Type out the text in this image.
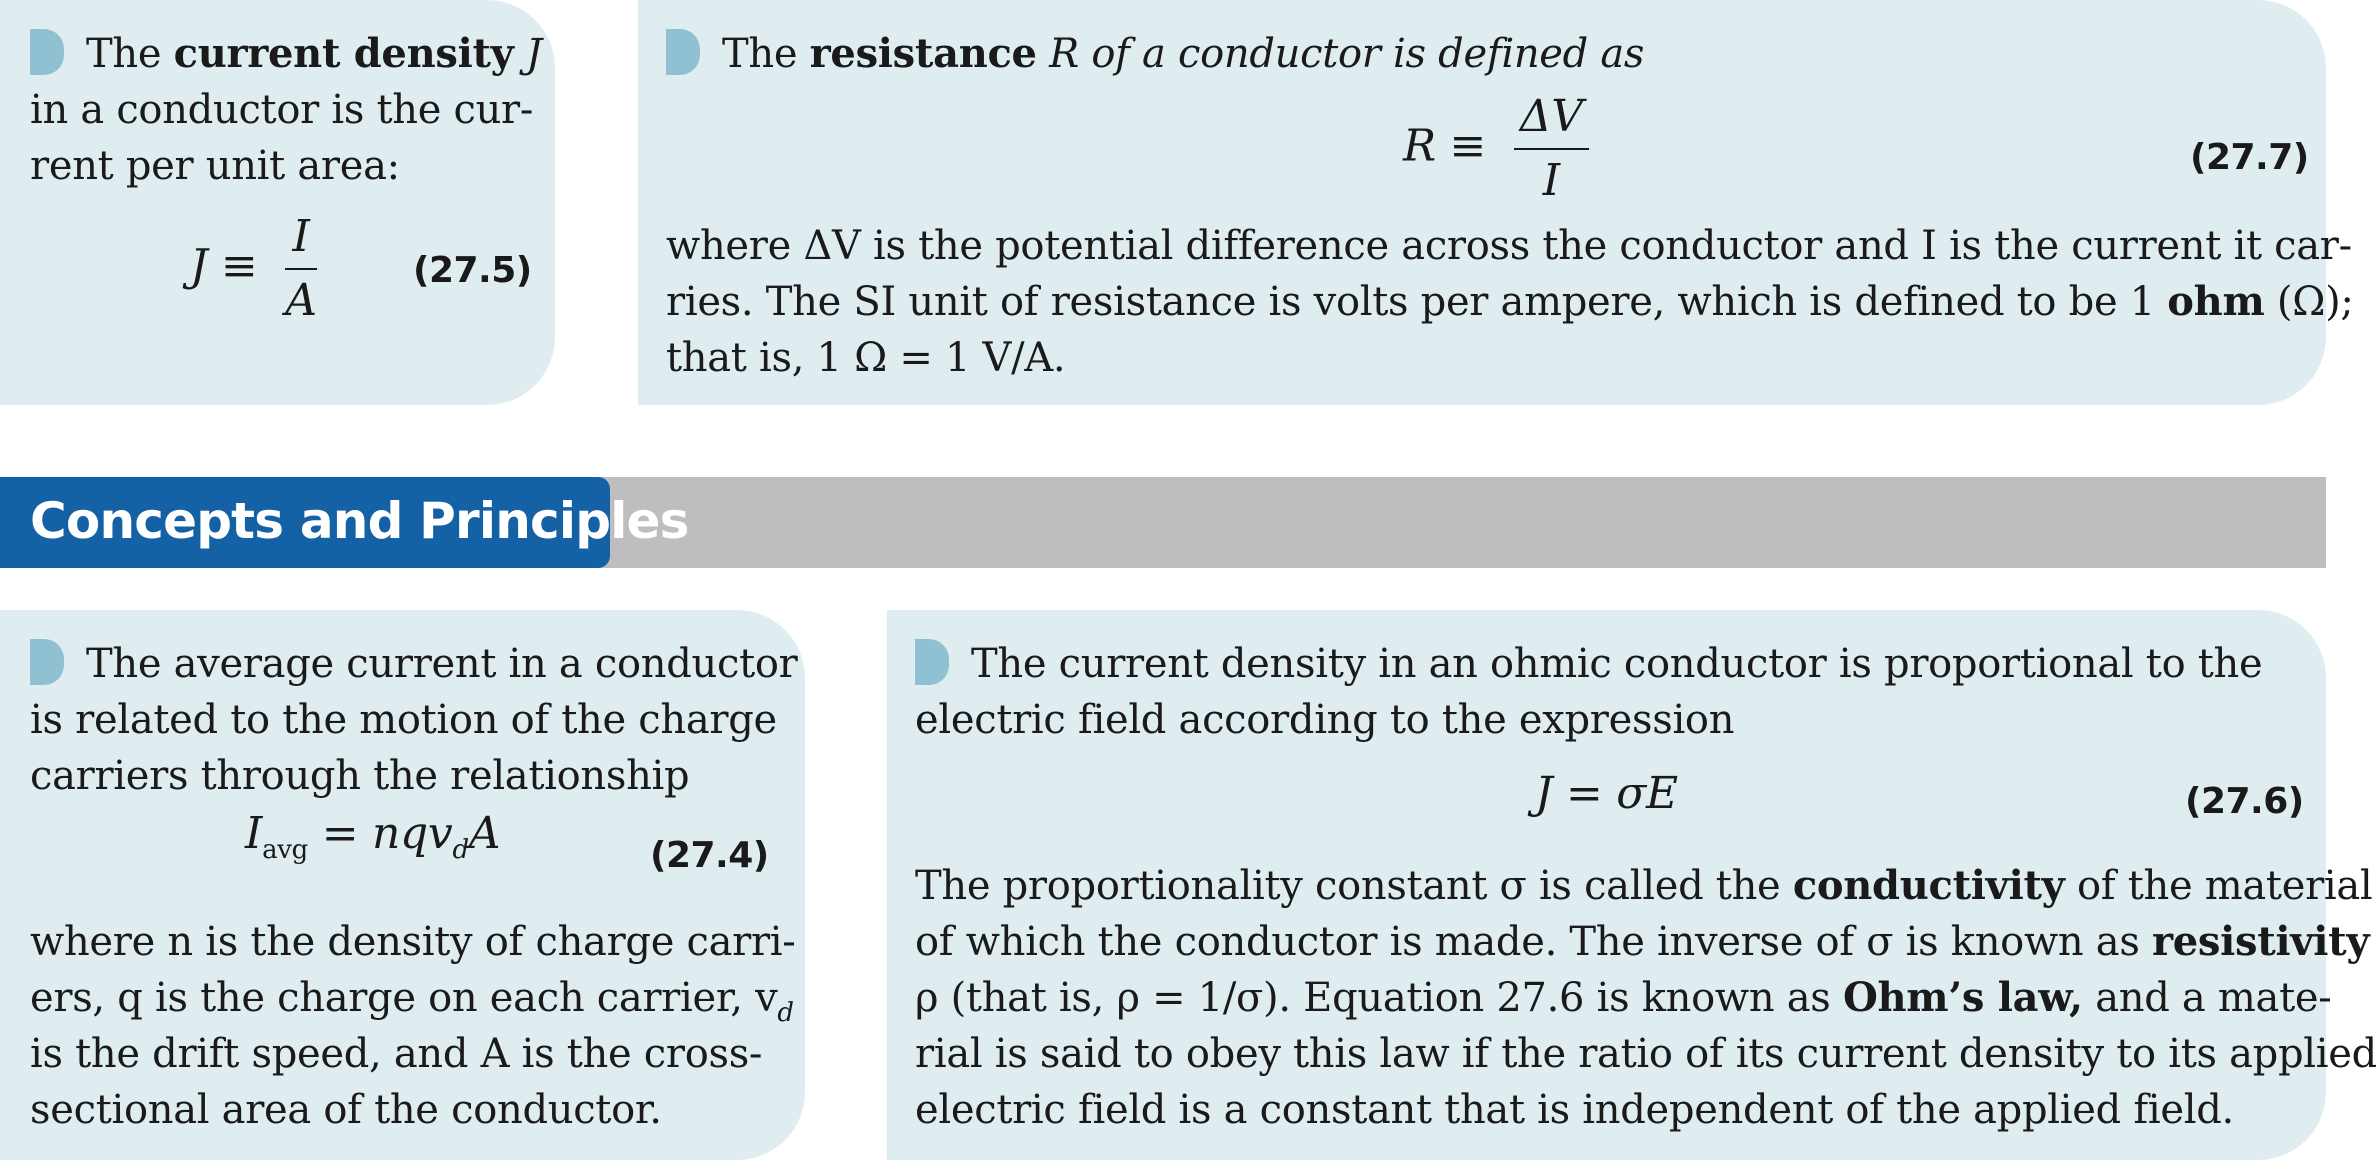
The current density J
in a conductor is the cur-
rent per unit area:
$J \equiv \frac{I}{A}$	(27.5)
The resistance R of a conductor is defined as
$R \equiv \frac{\Delta V}{I}$	(27.7)
where ΔV is the potential difference across the conductor and I is the current it car-
ries. The SI unit of resistance is volts per ampere, which is defined to be 1 ohm (Ω);
that is, 1 Ω = 1 V/A.
Concepts and Principles
The average current in a conductor
is related to the motion of the charge
carriers through the relationship
$I_{avg} = nqv_dA$	(27.4)
where n is the density of charge carri-
ers, q is the charge on each carrier, $v_d$
is the drift speed, and A is the cross-
sectional area of the conductor.
The current density in an ohmic conductor is proportional to the
electric field according to the expression
J = σE	(27.6)
The proportionality constant σ is called the conductivity of the material
of which the conductor is made. The inverse of σ is known as resistivity
ρ (that is, ρ = 1/σ). Equation 27.6 is known as Ohm’s law, and a mate-
rial is said to obey this law if the ratio of its current density to its applied
electric field is a constant that is independent of the applied field.
